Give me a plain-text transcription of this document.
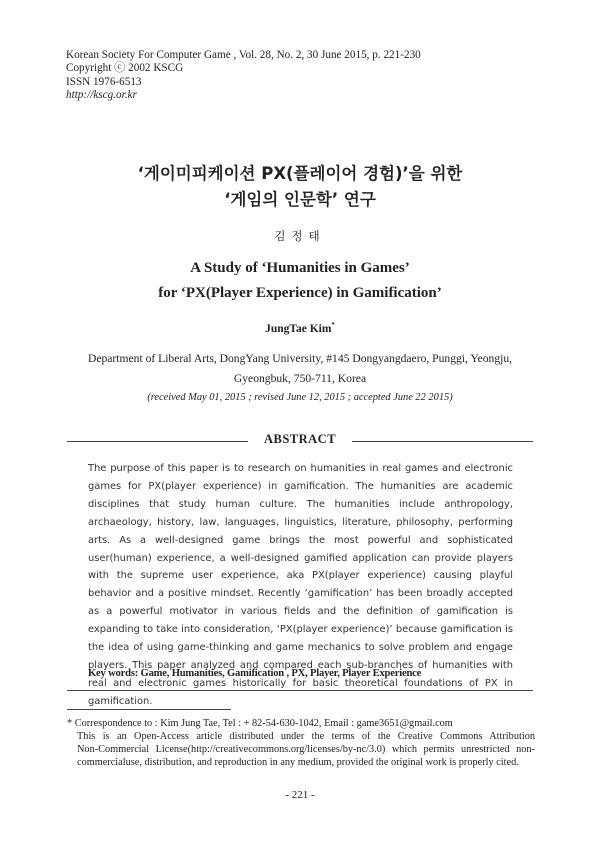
Korean Society For Computer Game , Vol. 28, No. 2, 30 June 2015, p. 221-230
Copyright ⓒ 2002 KSCG
ISSN 1976-6513
http://kscg.or.kr
‘게이미피케이션 PX(플레이어 경험)’을 위한
‘게임의 인문학’ 연구
김정태
A Study of ‘Humanities in Games’
for ‘PX(Player Experience) in Gamification’
JungTae Kim*
Department of Liberal Arts, DongYang University, #145 Dongyangdaero, Punggi, Yeongju,
Gyeongbuk, 750-711, Korea
(received May 01, 2015 ; revised June 12, 2015 ; accepted June 22 2015)
ABSTRACT

The purpose of this paper is to research on humanities in real games and electronic games for PX(player experience) in gamification. The humanities are academic disciplines that study human culture. The humanities include anthropology, archaeology, history, law, languages, linguistics, literature, philosophy, performing arts. As a well-designed game brings the most powerful and sophisticated user(human) experience, a well-designed gamified application can provide players with the supreme user experience, aka PX(player experience) causing playful behavior and a positive mindset. Recently ‘gamification’ has been broadly accepted as a powerful motivator in various fields and the definition of gamification is expanding to take into consideration, ‘PX(player experience)’ because gamification is the idea of using game-thinking and game mechanics to solve problem and engage players. This paper analyzed and compared each sub-branches of humanities with real and electronic games historically for basic theoretical foundations of PX in gamification.

Key words: Game, Humanities, Gamification , PX, Player, Player Experience
* Correspondence to : Kim Jung Tae, Tel : + 82-54-630-1042, Email : game3651@gmail.com
This is an Open-Access article distributed under the terms of the Creative Commons Attribution
Non-Commercial License(http://creativecommons.org/licenses/by-nc/3.0) which permits unrestricted non-
commercialuse, distribution, and reproduction in any medium, provided the original work is properly cited.
- 221 -
